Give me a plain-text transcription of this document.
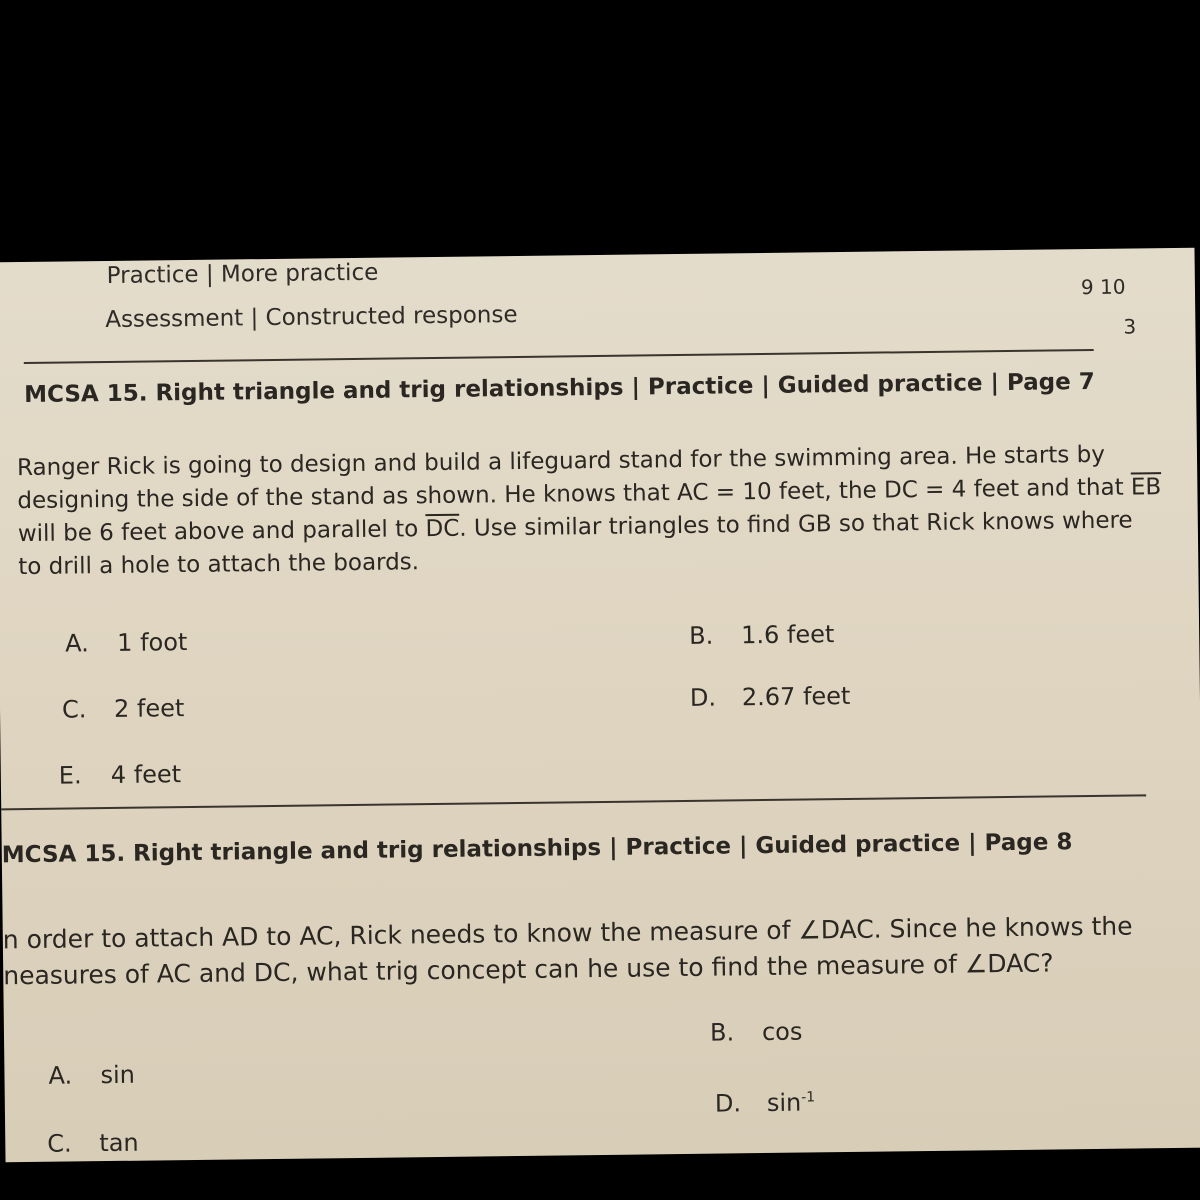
Practice | More practice
Assessment | Constructed response
9 10
3
MCSA 15. Right triangle and trig relationships | Practice | Guided practice | Page 7
Ranger Rick is going to design and build a lifeguard stand for the swimming area. He starts by
designing the side of the stand as shown. He knows that AC = 10 feet, the DC = 4 feet and that $\overline{EB}$
will be 6 feet above and parallel to $\overline{DC}$. Use similar triangles to find GB so that Rick knows where
to drill a hole to attach the boards.
A. 1 foot	B. 1.6 feet
C. 2 feet	D. 2.67 feet
E. 4 feet
MCSA 15. Right triangle and trig relationships | Practice | Guided practice | Page 8
n order to attach AD to AC, Rick needs to know the measure of ∠DAC. Since he knows the
neasures of AC and DC, what trig concept can he use to find the measure of ∠DAC?
A. sin
B. cos
C. tan
D. $\sin^{-1}$
